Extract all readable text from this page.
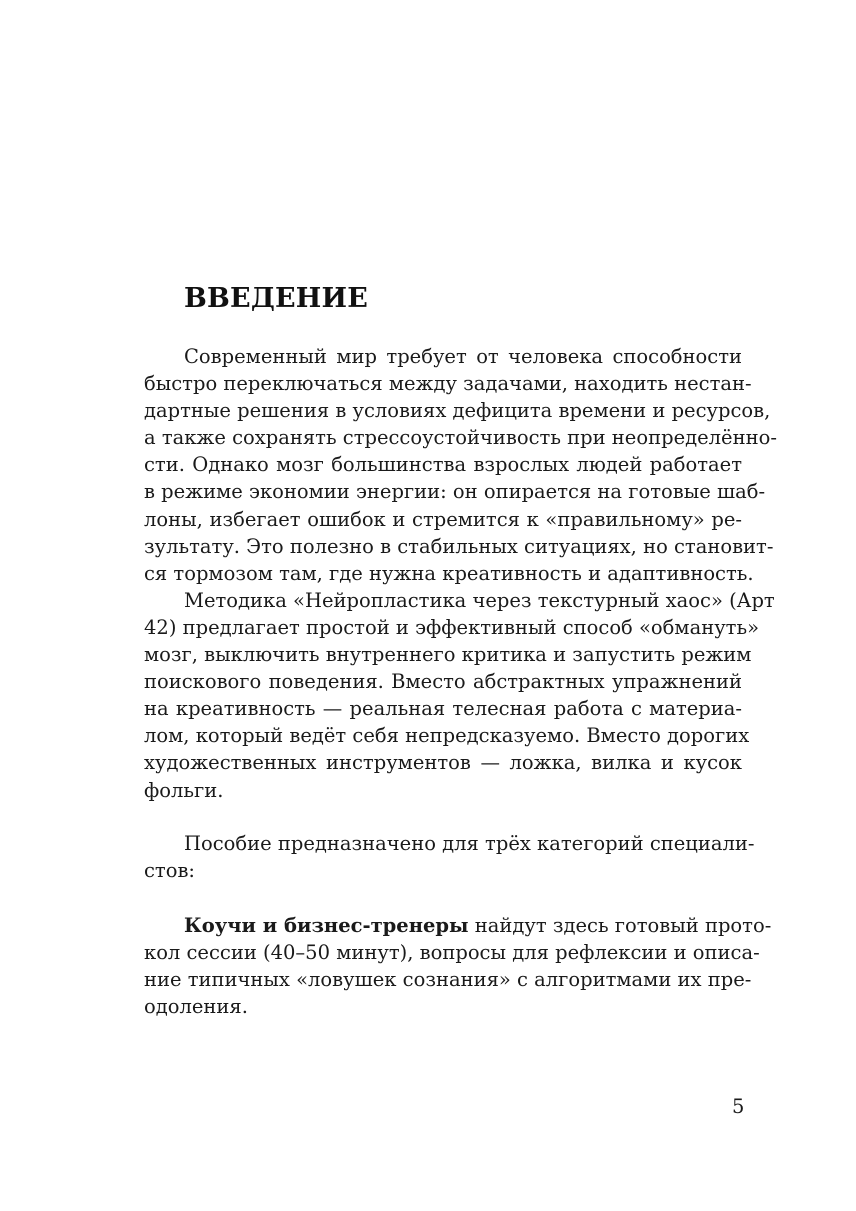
ВВЕДЕНИЕ
Современный мир требует от человека способности
быстро переключаться между задачами, находить нестан-
дартные решения в условиях дефицита времени и ресурсов,
а также сохранять стрессоустойчивость при неопределённо-
сти. Однако мозг большинства взрослых людей работает
в режиме экономии энергии: он опирается на готовые шаб-
лоны, избегает ошибок и стремится к «правильному» ре-
зультату. Это полезно в стабильных ситуациях, но становит-
ся тормозом там, где нужна креативность и адаптивность.
Методика «Нейропластика через текстурный хаос» (Арт
42) предлагает простой и эффективный способ «обмануть»
мозг, выключить внутреннего критика и запустить режим
поискового поведения. Вместо абстрактных упражнений
на креативность — реальная телесная работа с материа-
лом, который ведёт себя непредсказуемо. Вместо дорогих
художественных инструментов — ложка, вилка и кусок
фольги.
Пособие предназначено для трёх категорий специали-
стов:
Коучи и бизнес-тренеры найдут здесь готовый прото-
кол сессии (40–50 минут), вопросы для рефлексии и описа-
ние типичных «ловушек сознания» с алгоритмами их пре-
одоления.
5
